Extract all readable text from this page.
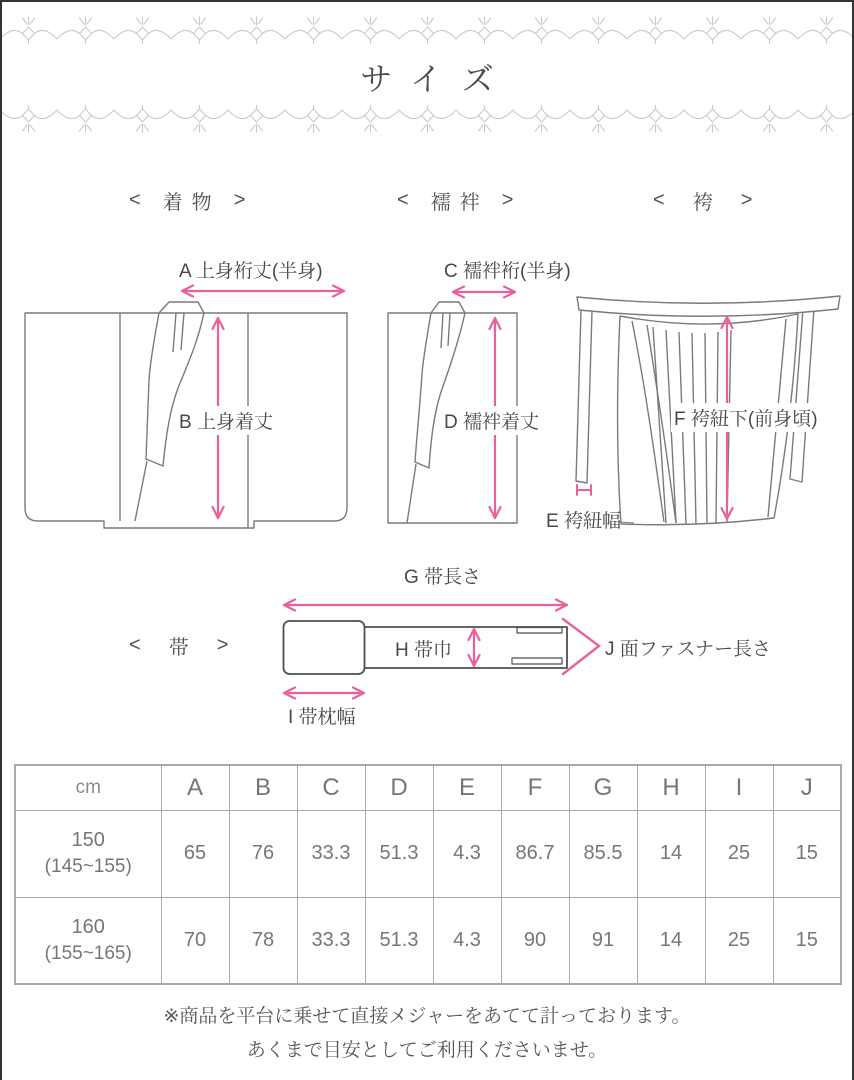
サイズ
<	着物 >	<	襦袢 >	<	袴 >
<	帯 >
A 上身裄丈(半身)
B 上身着丈
C 襦袢裄(半身)
D 襦袢着丈
E 袴紐幅
F 袴紐下(前身頃)
G 帯長さ
H 帯巾
I 帯枕幅
J 面ファスナー長さ
cm	A	B	C	D	E	F	G	H	I	J

150
(145~155)	65	76	33.3	51.3	4.3	86.7	85.5	14	25	15

160
(155~165)	70	78	33.3	51.3	4.3	90	91	14	25	15
※商品を平台に乗せて直接メジャーをあてて計っております。
あくまで目安としてご利用くださいませ。
